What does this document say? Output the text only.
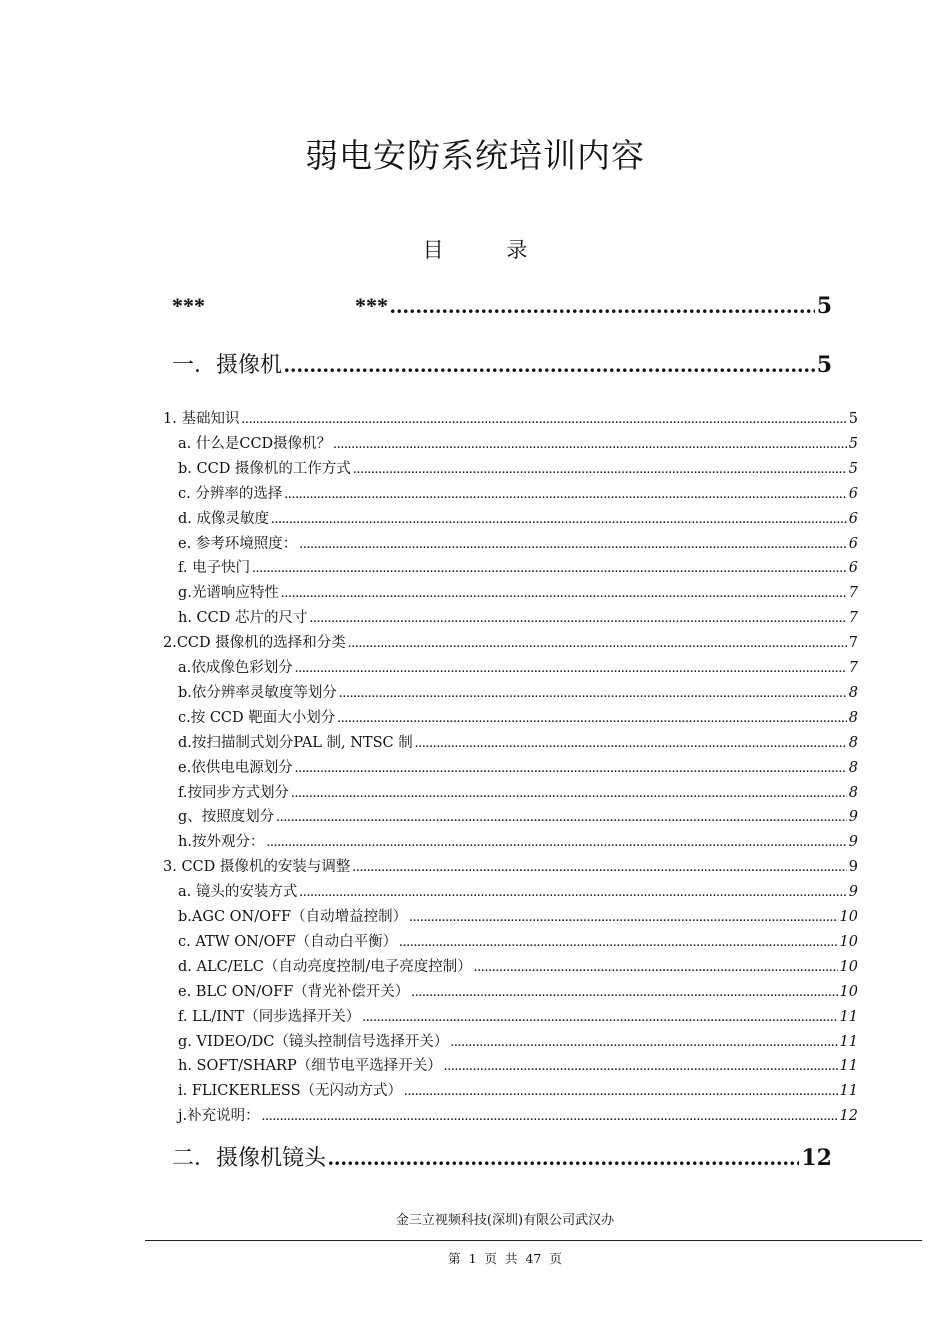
弱电安防系统培训内容
目	录
***	*** .....	5
一．摄像机 .....	5
1. 基础知识 .....	5
a. 什么是CCD摄像机？ .....	5
b. CCD 摄像机的工作方式 .....	5
c. 分辨率的选择 .....	6
d. 成像灵敏度 .....	6
e. 参考环境照度： .....	6
f. 电子快门 .....	6
g.光谱响应特性 .....	7
h. CCD 芯片的尺寸 .....	7
2.CCD 摄像机的选择和分类 .....	7
a.依成像色彩划分 .....	7
b.依分辨率灵敏度等划分 .....	8
c.按 CCD 靶面大小划分 .....	8
d.按扫描制式划分PAL 制, NTSC 制 .....	8
e.依供电电源划分 .....	8
f.按同步方式划分 .....	8
g、按照度划分 .....	9
h.按外观分： .....	9
3. CCD 摄像机的安装与调整 .....	9
a. 镜头的安装方式 .....	9
b.AGC ON/OFF（自动增益控制） .....	10
c. ATW ON/OFF（自动白平衡） .....	10
d. ALC/ELC（自动亮度控制/电子亮度控制） .....	10
e. BLC ON/OFF（背光补偿开关） .....	10
f. LL/INT（同步选择开关） .....	11
g. VIDEO/DC（镜头控制信号选择开关） .....	11
h. SOFT/SHARP（细节电平选择开关） .....	11
i. FLICKERLESS（无闪动方式） .....	11
j.补充说明： .....	12
二．摄像机镜头 .....	12
金三立视频科技(深圳)有限公司武汉办
第 1 页 共 47 页
